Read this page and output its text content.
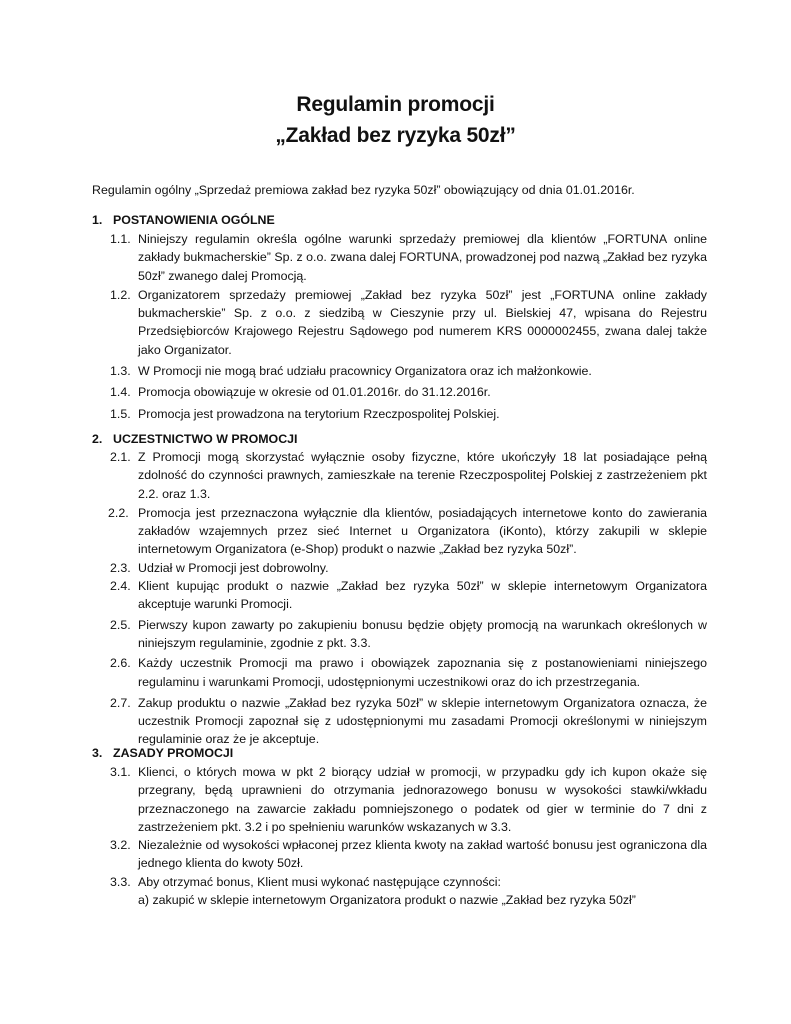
Regulamin promocji

„Zakład bez ryzyka 50zł”

Regulamin ogólny „Sprzedaż premiowa zakład bez ryzyka 50zł” obowiązujący od dnia 01.01.2016r.
1. POSTANOWIENIA OGÓLNE
1.1. Niniejszy regulamin określa ogólne warunki sprzedaży premiowej dla klientów „FORTUNA online zakłady bukmacherskie” Sp. z o.o. zwana dalej FORTUNA, prowadzonej pod nazwą „Zakład bez ryzyka 50zł” zwanego dalej Promocją.
1.2. Organizatorem sprzedaży premiowej „Zakład bez ryzyka 50zł” jest „FORTUNA online zakłady bukmacherskie” Sp. z o.o. z siedzibą w Cieszynie przy ul. Bielskiej 47, wpisana do Rejestru Przedsiębiorców Krajowego Rejestru Sądowego pod numerem KRS 0000002455, zwana dalej także jako Organizator.
1.3. W Promocji nie mogą brać udziału pracownicy Organizatora oraz ich małżonkowie.
1.4. Promocja obowiązuje w okresie od 01.01.2016r. do 31.12.2016r.
1.5. Promocja jest prowadzona na terytorium Rzeczpospolitej Polskiej.
2. UCZESTNICTWO W PROMOCJI
2.1. Z Promocji mogą skorzystać wyłącznie osoby fizyczne, które ukończyły 18 lat posiadające pełną zdolność do czynności prawnych, zamieszkałe na terenie Rzeczpospolitej Polskiej z zastrzeżeniem pkt 2.2. oraz 1.3.
2.2. Promocja jest przeznaczona wyłącznie dla klientów, posiadających internetowe konto do zawierania zakładów wzajemnych przez sieć Internet u Organizatora (iKonto), którzy zakupili w sklepie internetowym Organizatora (e-Shop) produkt o nazwie „Zakład bez ryzyka 50zł”.
2.3. Udział w Promocji jest dobrowolny.
2.4. Klient kupując produkt o nazwie „Zakład bez ryzyka 50zł” w sklepie internetowym Organizatora akceptuje warunki Promocji.
2.5. Pierwszy kupon zawarty po zakupieniu bonusu będzie objęty promocją na warunkach określonych w niniejszym regulaminie, zgodnie z pkt. 3.3.
2.6. Każdy uczestnik Promocji ma prawo i obowiązek zapoznania się z postanowieniami niniejszego regulaminu i warunkami Promocji, udostępnionymi uczestnikowi oraz do ich przestrzegania.
2.7. Zakup produktu o nazwie „Zakład bez ryzyka 50zł” w sklepie internetowym Organizatora oznacza, że uczestnik Promocji zapoznał się z udostępnionymi mu zasadami Promocji określonymi w niniejszym regulaminie oraz że je akceptuje.
3. ZASADY PROMOCJI
3.1. Klienci, o których mowa w pkt 2 biorący udział w promocji, w przypadku gdy ich kupon okaże się przegrany, będą uprawnieni do otrzymania jednorazowego bonusu w wysokości stawki/wkładu przeznaczonego na zawarcie zakładu pomniejszonego o podatek od gier w terminie do 7 dni z zastrzeżeniem pkt. 3.2 i po spełnieniu warunków wskazanych w 3.3.
3.2. Niezależnie od wysokości wpłaconej przez klienta kwoty na zakład wartość bonusu jest ograniczona dla jednego klienta do kwoty 50zł.
3.3. Aby otrzymać bonus, Klient musi wykonać następujące czynności:
a) zakupić w sklepie internetowym Organizatora produkt o nazwie „Zakład bez ryzyka 50zł”
